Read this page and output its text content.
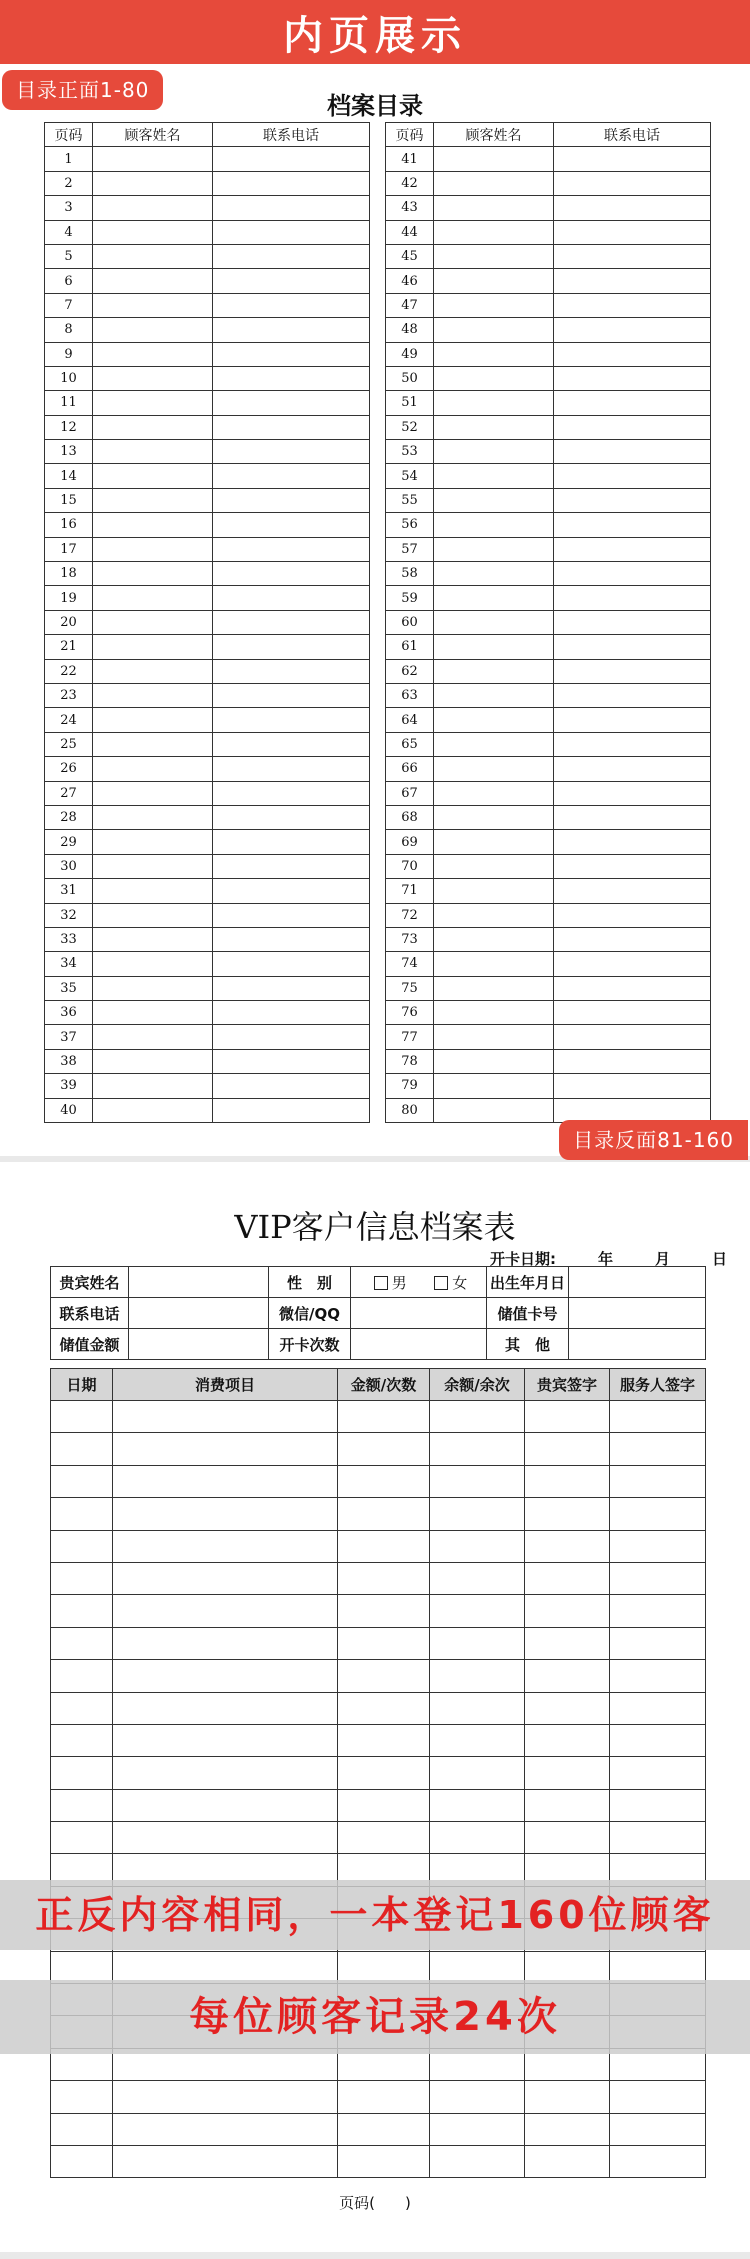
内页展示
目录正面1-80
档案目录
页码	顾客姓名	联系电话
1		
2		
3		
4		
5		
6		
7		
8		
9		
10		
11		
12		
13		
14		
15		
16		
17		
18		
19		
20		
21		
22		
23		
24		
25		
26		
27		
28		
29		
30		
31		
32		
33		
34		
35		
36		
37		
38		
39		
40		
页码	顾客姓名	联系电话
41		
42		
43		
44		
45		
46		
47		
48		
49		
50		
51		
52		
53		
54		
55		
56		
57		
58		
59		
60		
61		
62		
63		
64		
65		
66		
67		
68		
69		
70		
71		
72		
73		
74		
75		
76		
77		
78		
79		
80		
目录反面81-160
VIP客户信息档案表
开卡日期:	年	月	日
贵宾姓名		性　别	男 女	出生年月日	
联系电话		微信/QQ		储值卡号	
储值金额		开卡次数		其　他	
日期	消费项目	金额/次数	余额/余次	贵宾签字	服务人签字

页码(　　)
正反内容相同，一本登记160位顾客
每位顾客记录24次
